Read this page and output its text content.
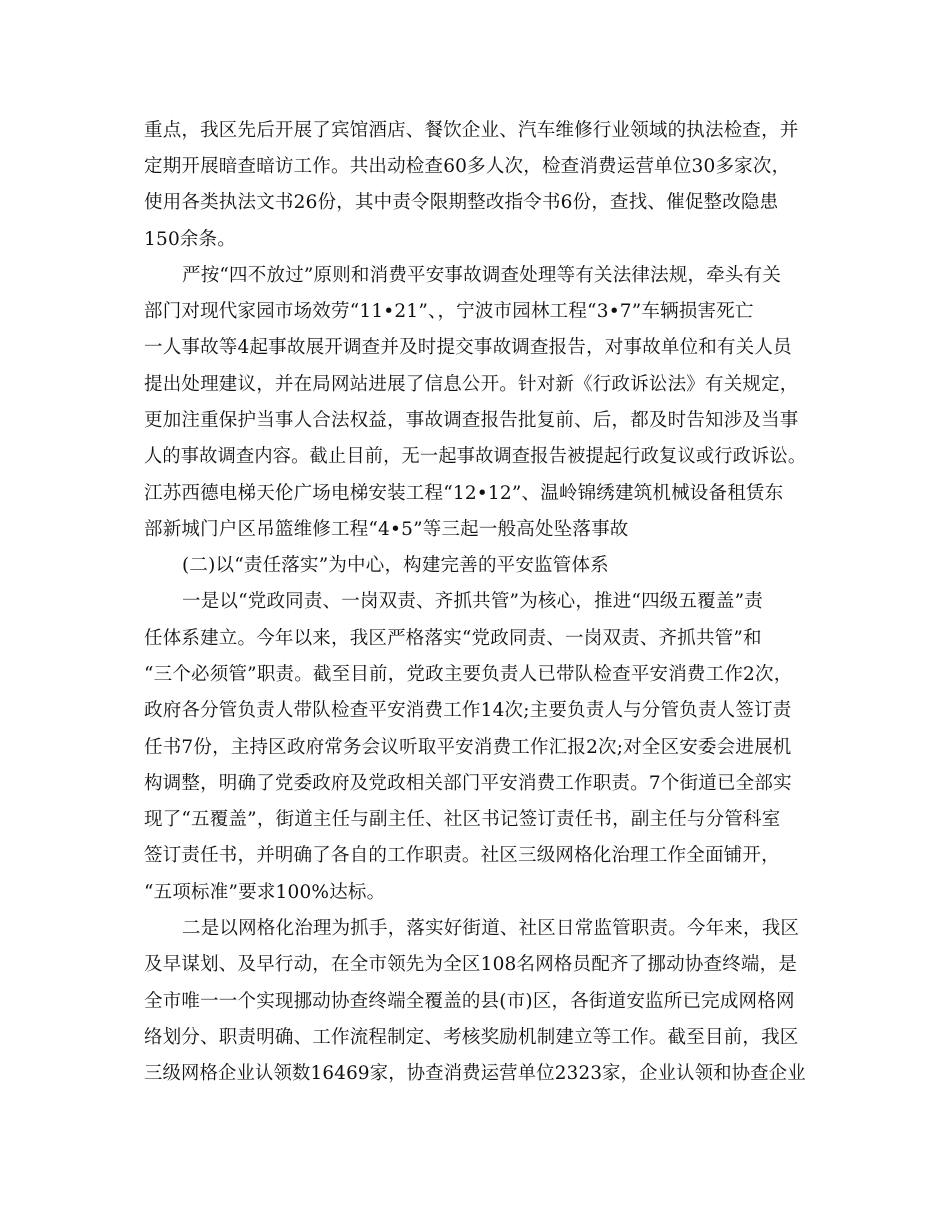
重点，我区先后开展了宾馆酒店、餐饮企业、汽车维修行业领域的执法检查，并
定期开展暗查暗访工作。共出动检查60多人次，检查消费运营单位30多家次，
使用各类执法文书26份，其中责令限期整改指令书6份，查找、催促整改隐患
150余条。
严按“四不放过”原则和消费平安事故调查处理等有关法律法规，牵头有关
部门对现代家园市场效劳“11•21”、，宁波市园林工程“3•7”车辆损害死亡
一人事故等4起事故展开调查并及时提交事故调查报告，对事故单位和有关人员
提出处理建议，并在局网站进展了信息公开。针对新《行政诉讼法》有关规定，
更加注重保护当事人合法权益，事故调查报告批复前、后，都及时告知涉及当事
人的事故调查内容。截止目前，无一起事故调查报告被提起行政复议或行政诉讼。
江苏西德电梯天伦广场电梯安装工程“12•12”、温岭锦绣建筑机械设备租赁东
部新城门户区吊篮维修工程“4•5”等三起一般高处坠落事故
(二)以“责任落实”为中心，构建完善的平安监管体系
一是以“党政同责、一岗双责、齐抓共管”为核心，推进“四级五覆盖”责
任体系建立。今年以来，我区严格落实“党政同责、一岗双责、齐抓共管”和
“三个必须管”职责。截至目前，党政主要负责人已带队检查平安消费工作2次，
政府各分管负责人带队检查平安消费工作14次;主要负责人与分管负责人签订责
任书7份，主持区政府常务会议听取平安消费工作汇报2次;对全区安委会进展机
构调整，明确了党委政府及党政相关部门平安消费工作职责。7个街道已全部实
现了“五覆盖”，街道主任与副主任、社区书记签订责任书，副主任与分管科室
签订责任书，并明确了各自的工作职责。社区三级网格化治理工作全面铺开，
“五项标准”要求100%达标。
二是以网格化治理为抓手，落实好街道、社区日常监管职责。今年来，我区
及早谋划、及早行动，在全市领先为全区108名网格员配齐了挪动协查终端，是
全市唯一一个实现挪动协查终端全覆盖的县(市)区，各街道安监所已完成网格网
络划分、职责明确、工作流程制定、考核奖励机制建立等工作。截至目前，我区
三级网格企业认领数16469家，协查消费运营单位2323家，企业认领和协查企业
